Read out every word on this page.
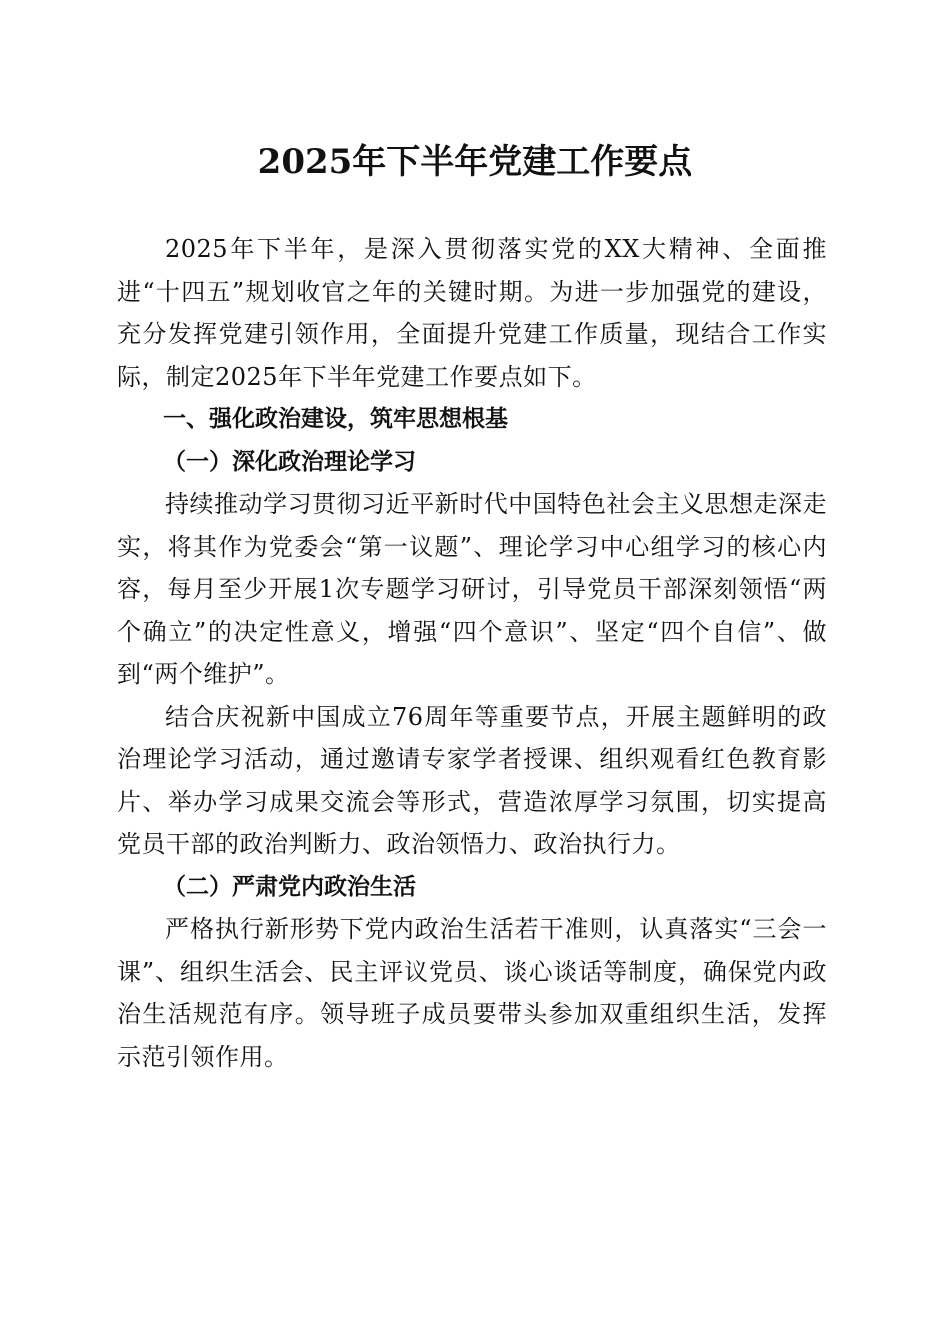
2025年下半年党建工作要点

2025年下半年，是深入贯彻落实党的XX大精神、全面推进“十四五”规划收官之年的关键时期。为进一步加强党的建设，充分发挥党建引领作用，全面提升党建工作质量，现结合工作实际，制定2025年下半年党建工作要点如下。

一、强化政治建设，筑牢思想根基

（一）深化政治理论学习

持续推动学习贯彻习近平新时代中国特色社会主义思想走深走实，将其作为党委会“第一议题”、理论学习中心组学习的核心内容，每月至少开展1次专题学习研讨，引导党员干部深刻领悟“两个确立”的决定性意义，增强“四个意识”、坚定“四个自信”、做到“两个维护”。

结合庆祝新中国成立76周年等重要节点，开展主题鲜明的政治理论学习活动，通过邀请专家学者授课、组织观看红色教育影片、举办学习成果交流会等形式，营造浓厚学习氛围，切实提高党员干部的政治判断力、政治领悟力、政治执行力。

（二）严肃党内政治生活

严格执行新形势下党内政治生活若干准则，认真落实“三会一课”、组织生活会、民主评议党员、谈心谈话等制度，确保党内政治生活规范有序。领导班子成员要带头参加双重组织生活，发挥示范引领作用。
